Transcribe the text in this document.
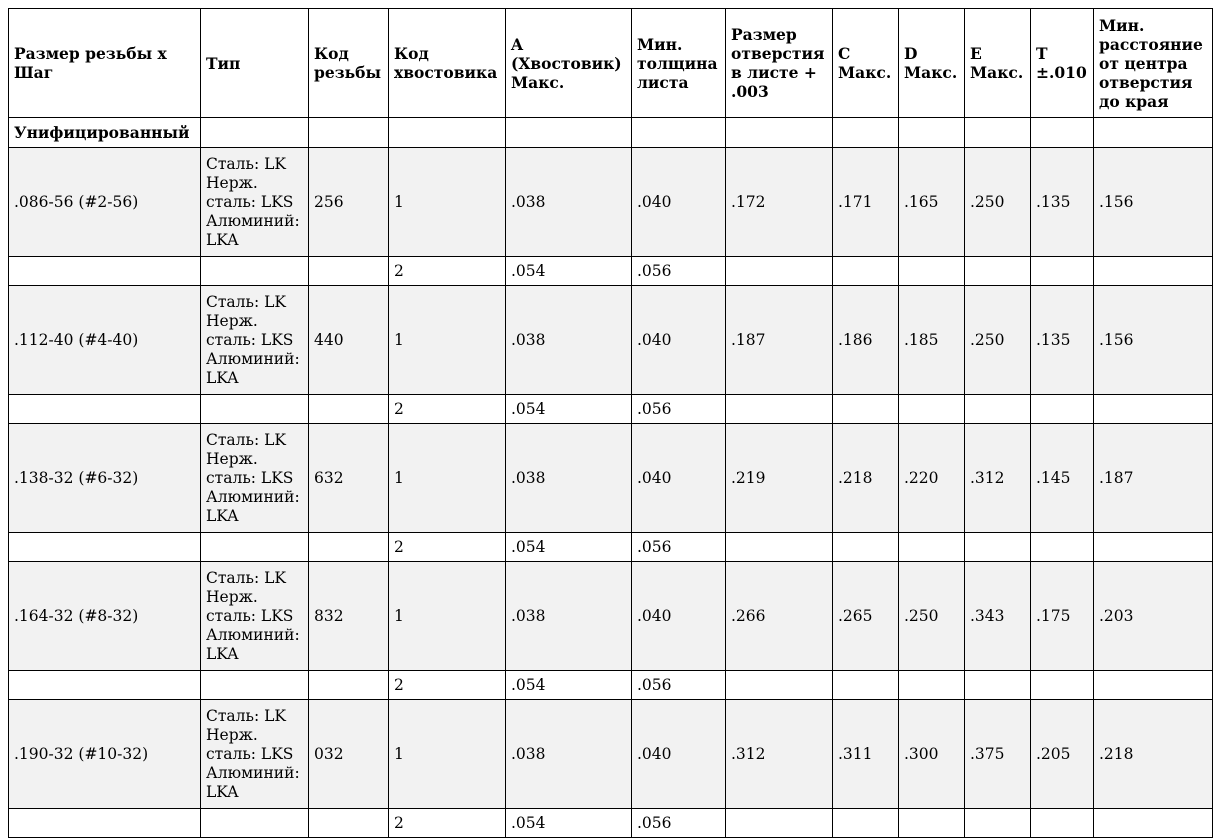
Размер резьбы х Шаг	Тип	Код резьбы	Код хвостовика	A (Хвостовик) Макс.	Мин. толщина листа	Размер отверстия в листе + .003	C Макс.	D Макс.	E Макс.	T ±.010	Мин. расстояние от центра отверстия до края
Унифицированный											
.086-56 (#2-56)	Сталь: LK
Нерж.
сталь: LKS
Алюминий:
LKA	256	1	.038	.040	.172	.171	.165	.250	.135	.156
			2	.054	.056						
.112-40 (#4-40)	Сталь: LK
Нерж.
сталь: LKS
Алюминий:
LKA	440	1	.038	.040	.187	.186	.185	.250	.135	.156
			2	.054	.056						
.138-32 (#6-32)	Сталь: LK
Нерж.
сталь: LKS
Алюминий:
LKA	632	1	.038	.040	.219	.218	.220	.312	.145	.187
			2	.054	.056						
.164-32 (#8-32)	Сталь: LK
Нерж.
сталь: LKS
Алюминий:
LKA	832	1	.038	.040	.266	.265	.250	.343	.175	.203
			2	.054	.056						
.190-32 (#10-32)	Сталь: LK
Нерж.
сталь: LKS
Алюминий:
LKA	032	1	.038	.040	.312	.311	.300	.375	.205	.218
			2	.054	.056						
